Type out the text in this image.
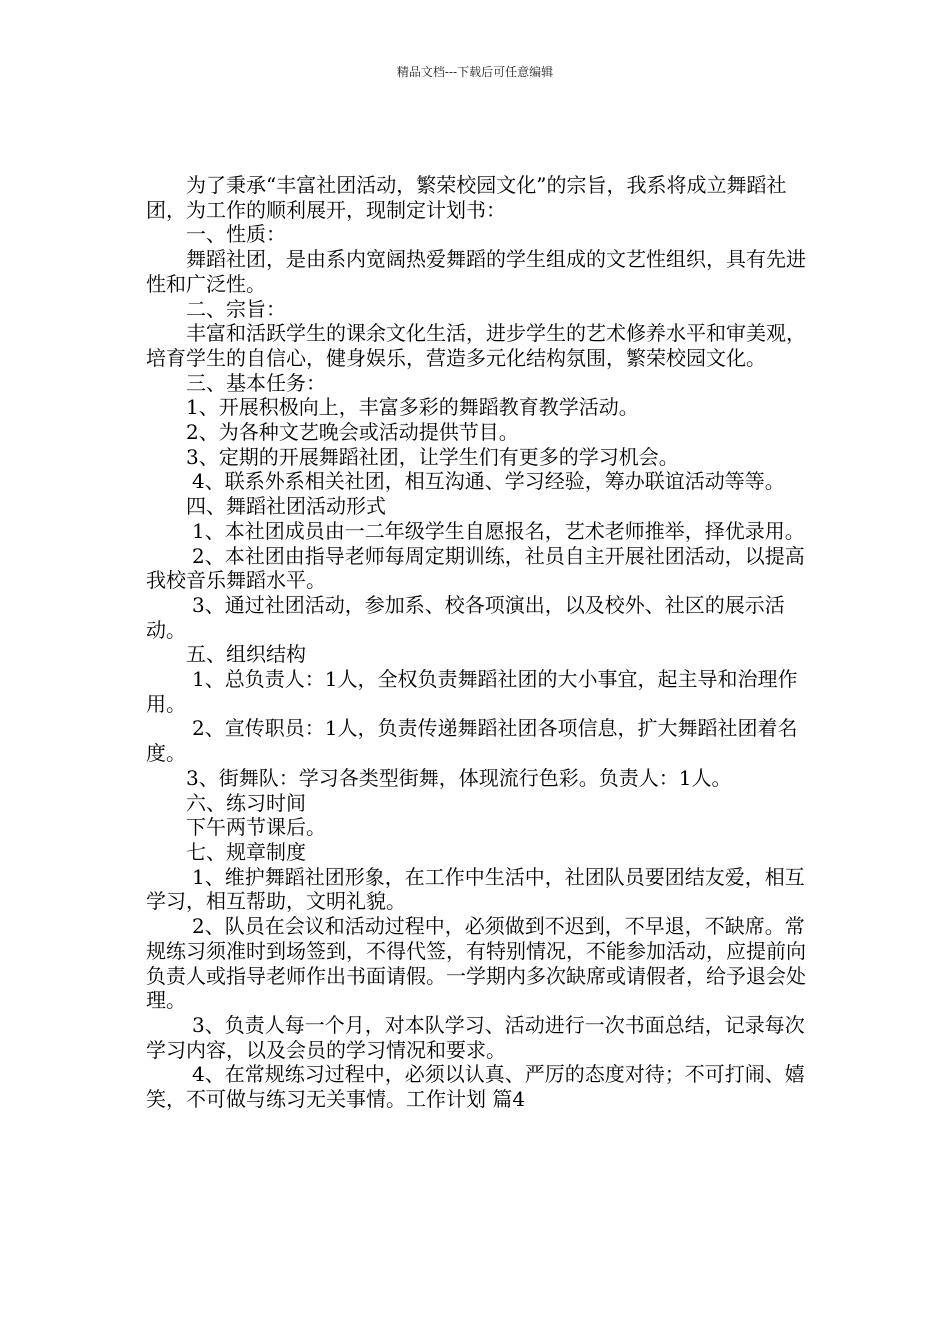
精品文档---下载后可任意编辑

为了秉承“丰富社团活动，繁荣校园文化”的宗旨，我系将成立舞蹈社团，为工作的顺利展开，现制定计划书：

一、性质：

舞蹈社团，是由系内宽阔热爱舞蹈的学生组成的文艺性组织，具有先进性和广泛性。

二、宗旨：

丰富和活跃学生的课余文化生活，进步学生的艺术修养水平和审美观，培育学生的自信心，健身娱乐，营造多元化结构氛围，繁荣校园文化。

三、基本任务：

1、开展积极向上，丰富多彩的舞蹈教育教学活动。

2、为各种文艺晚会或活动提供节目。

3、定期的开展舞蹈社团，让学生们有更多的学习机会。

4、联系外系相关社团，相互沟通、学习经验，筹办联谊活动等等。

四、舞蹈社团活动形式

1、本社团成员由一二年级学生自愿报名，艺术老师推举，择优录用。

2、本社团由指导老师每周定期训练，社员自主开展社团活动，以提高我校音乐舞蹈水平。

3、通过社团活动，参加系、校各项演出，以及校外、社区的展示活动。

五、组织结构

1、总负责人：1人，全权负责舞蹈社团的大小事宜，起主导和治理作用。

2、宣传职员：1人，负责传递舞蹈社团各项信息，扩大舞蹈社团着名度。

3、街舞队：学习各类型街舞，体现流行色彩。负责人：1人。

六、练习时间

下午两节课后。

七、规章制度

1、维护舞蹈社团形象，在工作中生活中，社团队员要团结友爱，相互学习，相互帮助，文明礼貌。

2、队员在会议和活动过程中，必须做到不迟到，不早退，不缺席。常规练习须准时到场签到，不得代签，有特别情况，不能参加活动，应提前向负责人或指导老师作出书面请假。一学期内多次缺席或请假者，给予退会处理。

3、负责人每一个月，对本队学习、活动进行一次书面总结，记录每次学习内容，以及会员的学习情况和要求。

4、在常规练习过程中，必须以认真、严厉的态度对待；不可打闹、嬉笑，不可做与练习无关事情。工作计划 篇4
